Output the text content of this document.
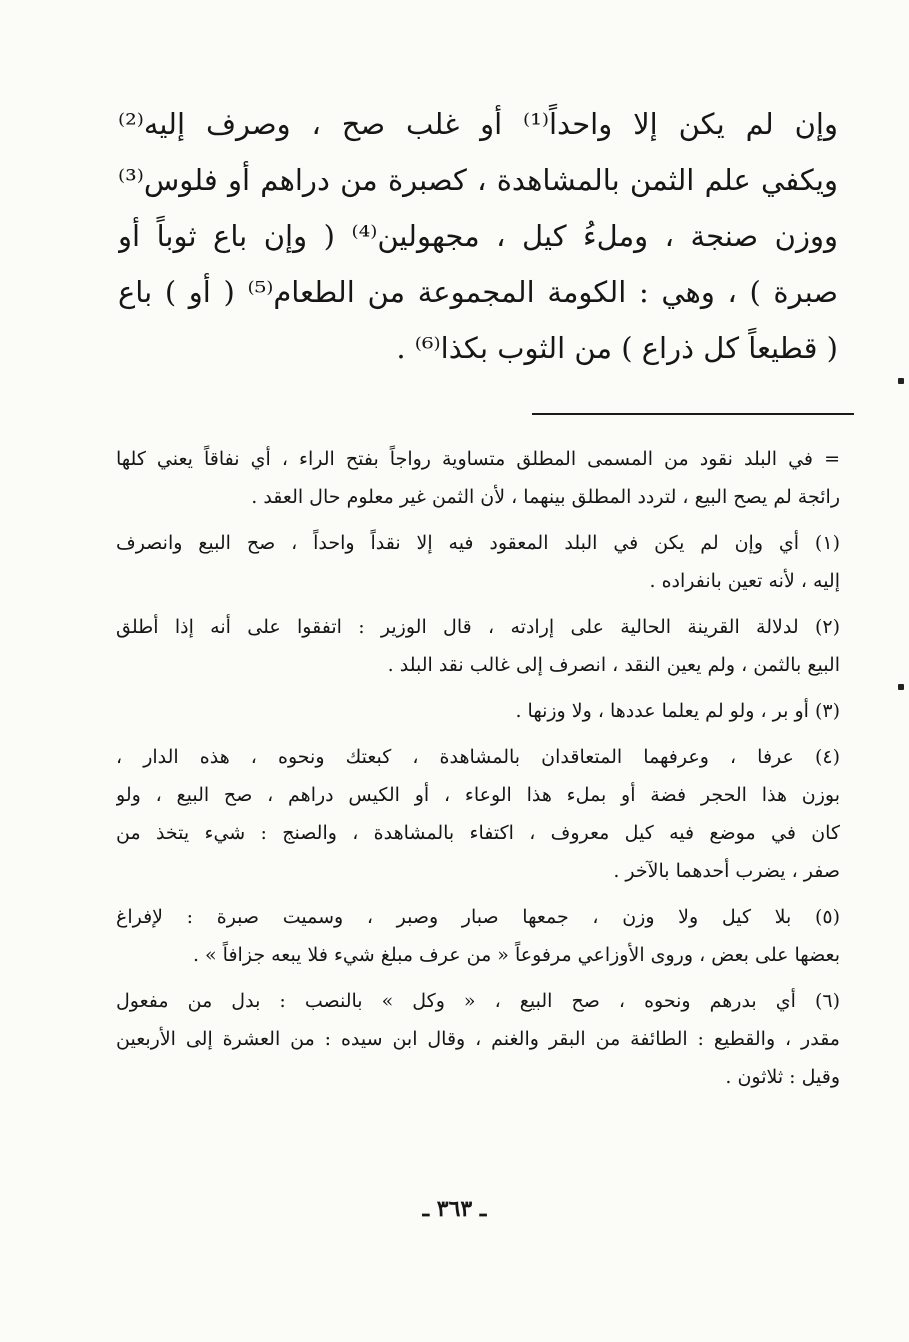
وإن لم يكن إلا واحداً⁽¹⁾ أو غلب صح ، وصرف إليه⁽²⁾
ويكفي علم الثمن بالمشاهدة ، كصبرة من دراهم أو فلوس⁽³⁾
ووزن صنجة ، وملءُ كيل ، مجهولين⁽⁴⁾ ( وإن باع ثوباً أو
صبرة ) ، وهي : الكومة المجموعة من الطعام⁽⁵⁾ ( أو ) باع
( قطيعاً كل ذراع ) من الثوب بكذا⁽⁶⁾ .

= في البلد نقود من المسمى المطلق متساوية رواجاً بفتح الراء ، أي نفاقاً يعني كلها
رائجة لم يصح البيع ، لتردد المطلق بينهما ، لأن الثمن غير معلوم حال العقد .

(١) أي وإن لم يكن في البلد المعقود فيه إلا نقداً واحداً ، صح البيع وانصرف
إليه ، لأنه تعين بانفراده .

(٢) لدلالة القرينة الحالية على إرادته ، قال الوزير : اتفقوا على أنه إذا أطلق
البيع بالثمن ، ولم يعين النقد ، انصرف إلى غالب نقد البلد .

(٣) أو بر ، ولو لم يعلما عددها ، ولا وزنها .

(٤) عرفا ، وعرفهما المتعاقدان بالمشاهدة ، كبعتك ونحوه ، هذه الدار ،
بوزن هذا الحجر فضة أو بملء هذا الوعاء ، أو الكيس دراهم ، صح البيع ، ولو
كان في موضع فيه كيل معروف ، اكتفاء بالمشاهدة ، والصنج : شيء يتخذ من
صفر ، يضرب أحدهما بالآخر .

(٥) بلا كيل ولا وزن ، جمعها صبار وصبر ، وسميت صبرة : لإفراغ
بعضها على بعض ، وروى الأوزاعي مرفوعاً « من عرف مبلغ شيء فلا يبعه جزافاً » .

(٦) أي بدرهم ونحوه ، صح البيع ، « وكل » بالنصب : بدل من مفعول
مقدر ، والقطيع : الطائفة من البقر والغنم ، وقال ابن سيده : من العشرة إلى الأربعين
وقيل : ثلاثون .

ـ ٣٦٣ ـ
